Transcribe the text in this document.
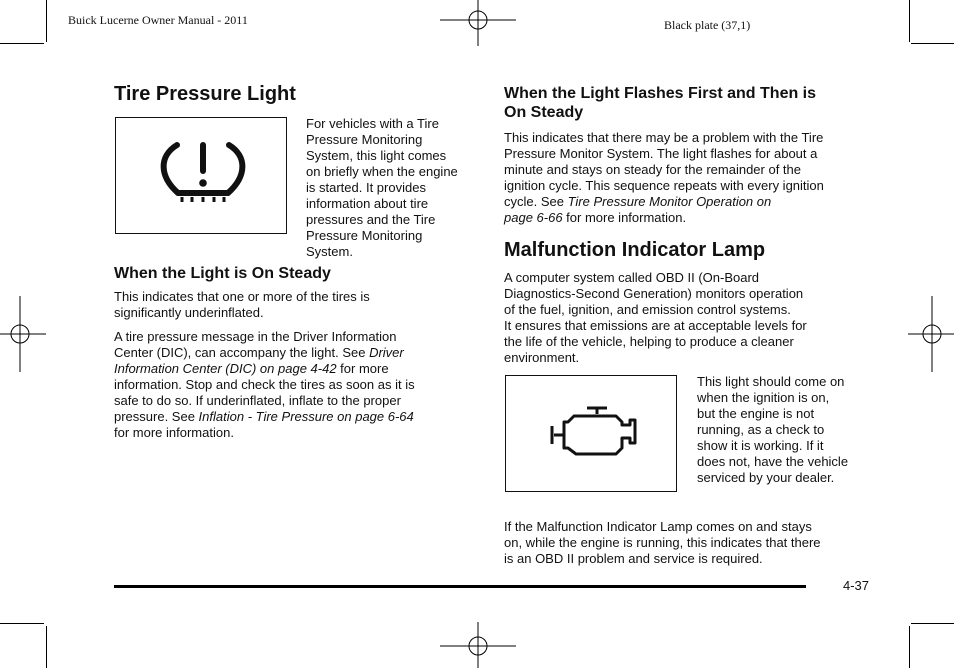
Buick Lucerne Owner Manual - 2011	Black plate (37,1)
Tire Pressure Light

For vehicles with a Tire
Pressure Monitoring
System, this light comes
on briefly when the engine
is started. It provides
information about tire
pressures and the Tire
Pressure Monitoring
System.

When the Light is On Steady

This indicates that one or more of the tires is
significantly underinflated.

A tire pressure message in the Driver Information
Center (DIC), can accompany the light. See Driver
Information Center (DIC) on page 4-42 for more
information. Stop and check the tires as soon as it is
safe to do so. If underinflated, inflate to the proper
pressure. See Inflation - Tire Pressure on page 6-64
for more information.

When the Light Flashes First and Then is
On Steady

This indicates that there may be a problem with the Tire
Pressure Monitor System. The light flashes for about a
minute and stays on steady for the remainder of the
ignition cycle. This sequence repeats with every ignition
cycle. See Tire Pressure Monitor Operation on
page 6-66 for more information.

Malfunction Indicator Lamp

A computer system called OBD II (On-Board
Diagnostics-Second Generation) monitors operation
of the fuel, ignition, and emission control systems.
It ensures that emissions are at acceptable levels for
the life of the vehicle, helping to produce a cleaner
environment.

This light should come on
when the ignition is on,
but the engine is not
running, as a check to
show it is working. If it
does not, have the vehicle
serviced by your dealer.

If the Malfunction Indicator Lamp comes on and stays
on, while the engine is running, this indicates that there
is an OBD II problem and service is required.

4-37
